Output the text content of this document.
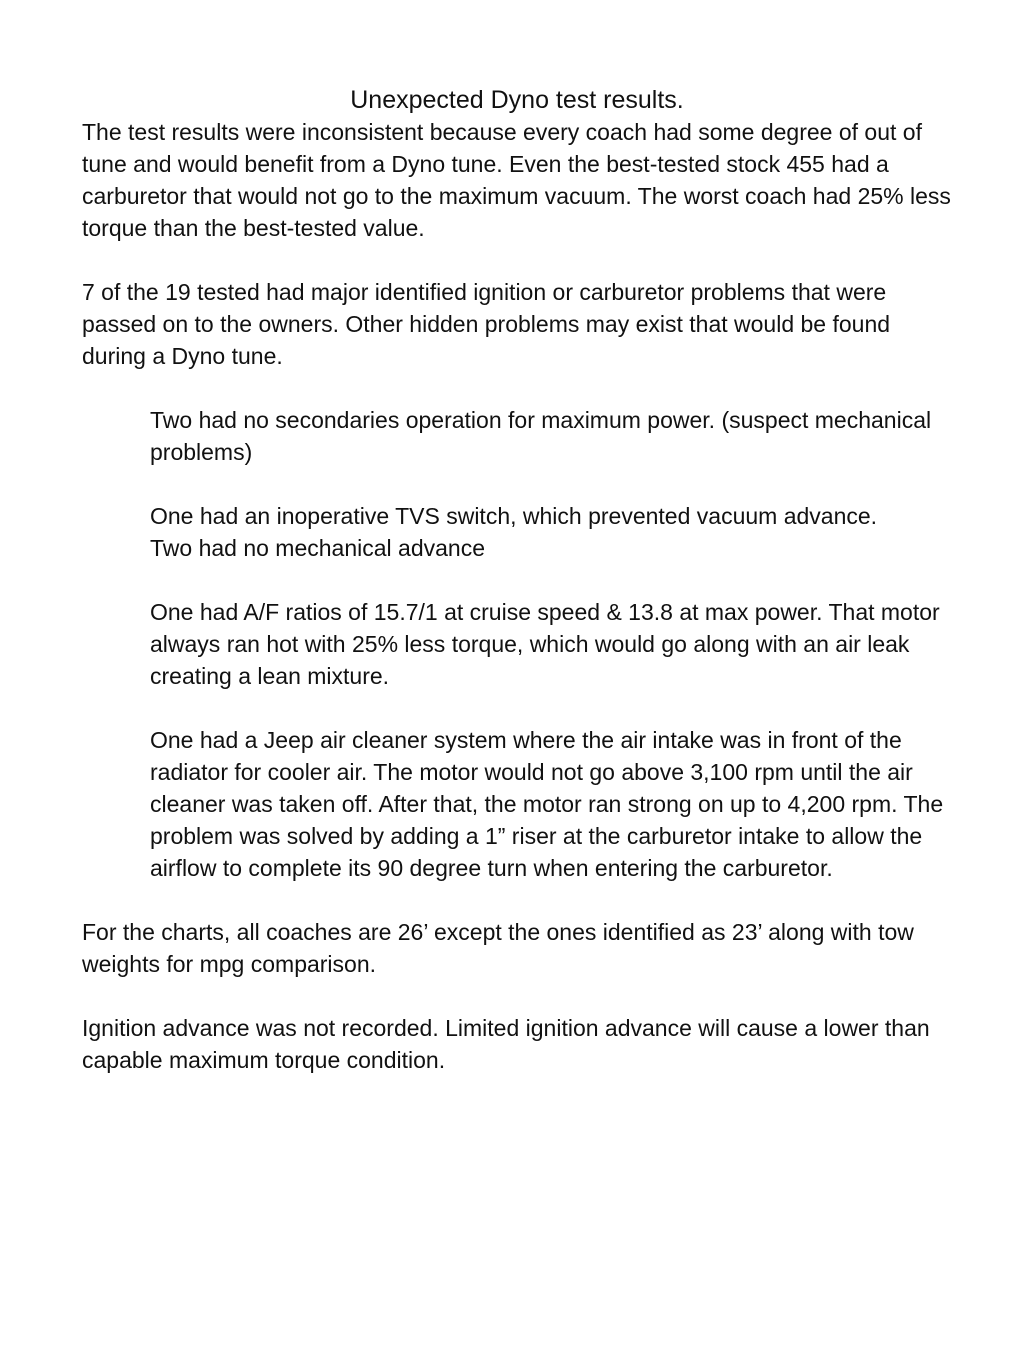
Unexpected Dyno test results.

The test results were inconsistent because every coach had some degree of out of tune and would benefit from a Dyno tune. Even the best-tested stock 455 had a carburetor that would not go to the maximum vacuum. The worst coach had 25% less torque than the best-tested value.

7 of the 19 tested had major identified ignition or carburetor problems that were passed on to the owners. Other hidden problems may exist that would be found during a Dyno tune.

Two had no secondaries operation for maximum power. (suspect mechanical problems)

One had an inoperative TVS switch, which prevented vacuum advance.

Two had no mechanical advance

One had A/F ratios of 15.7/1 at cruise speed & 13.8 at max power. That motor always ran hot with 25% less torque, which would go along with an air leak creating a lean mixture.

One had a Jeep air cleaner system where the air intake was in front of the radiator for cooler air. The motor would not go above 3,100 rpm until the air cleaner was taken off. After that, the motor ran strong on up to 4,200 rpm. The problem was solved by adding a 1” riser at the carburetor intake to allow the airflow to complete its 90 degree turn when entering the carburetor.

For the charts, all coaches are 26’ except the ones identified as 23’ along with tow weights for mpg comparison.

Ignition advance was not recorded. Limited ignition advance will cause a lower than capable maximum torque condition.
